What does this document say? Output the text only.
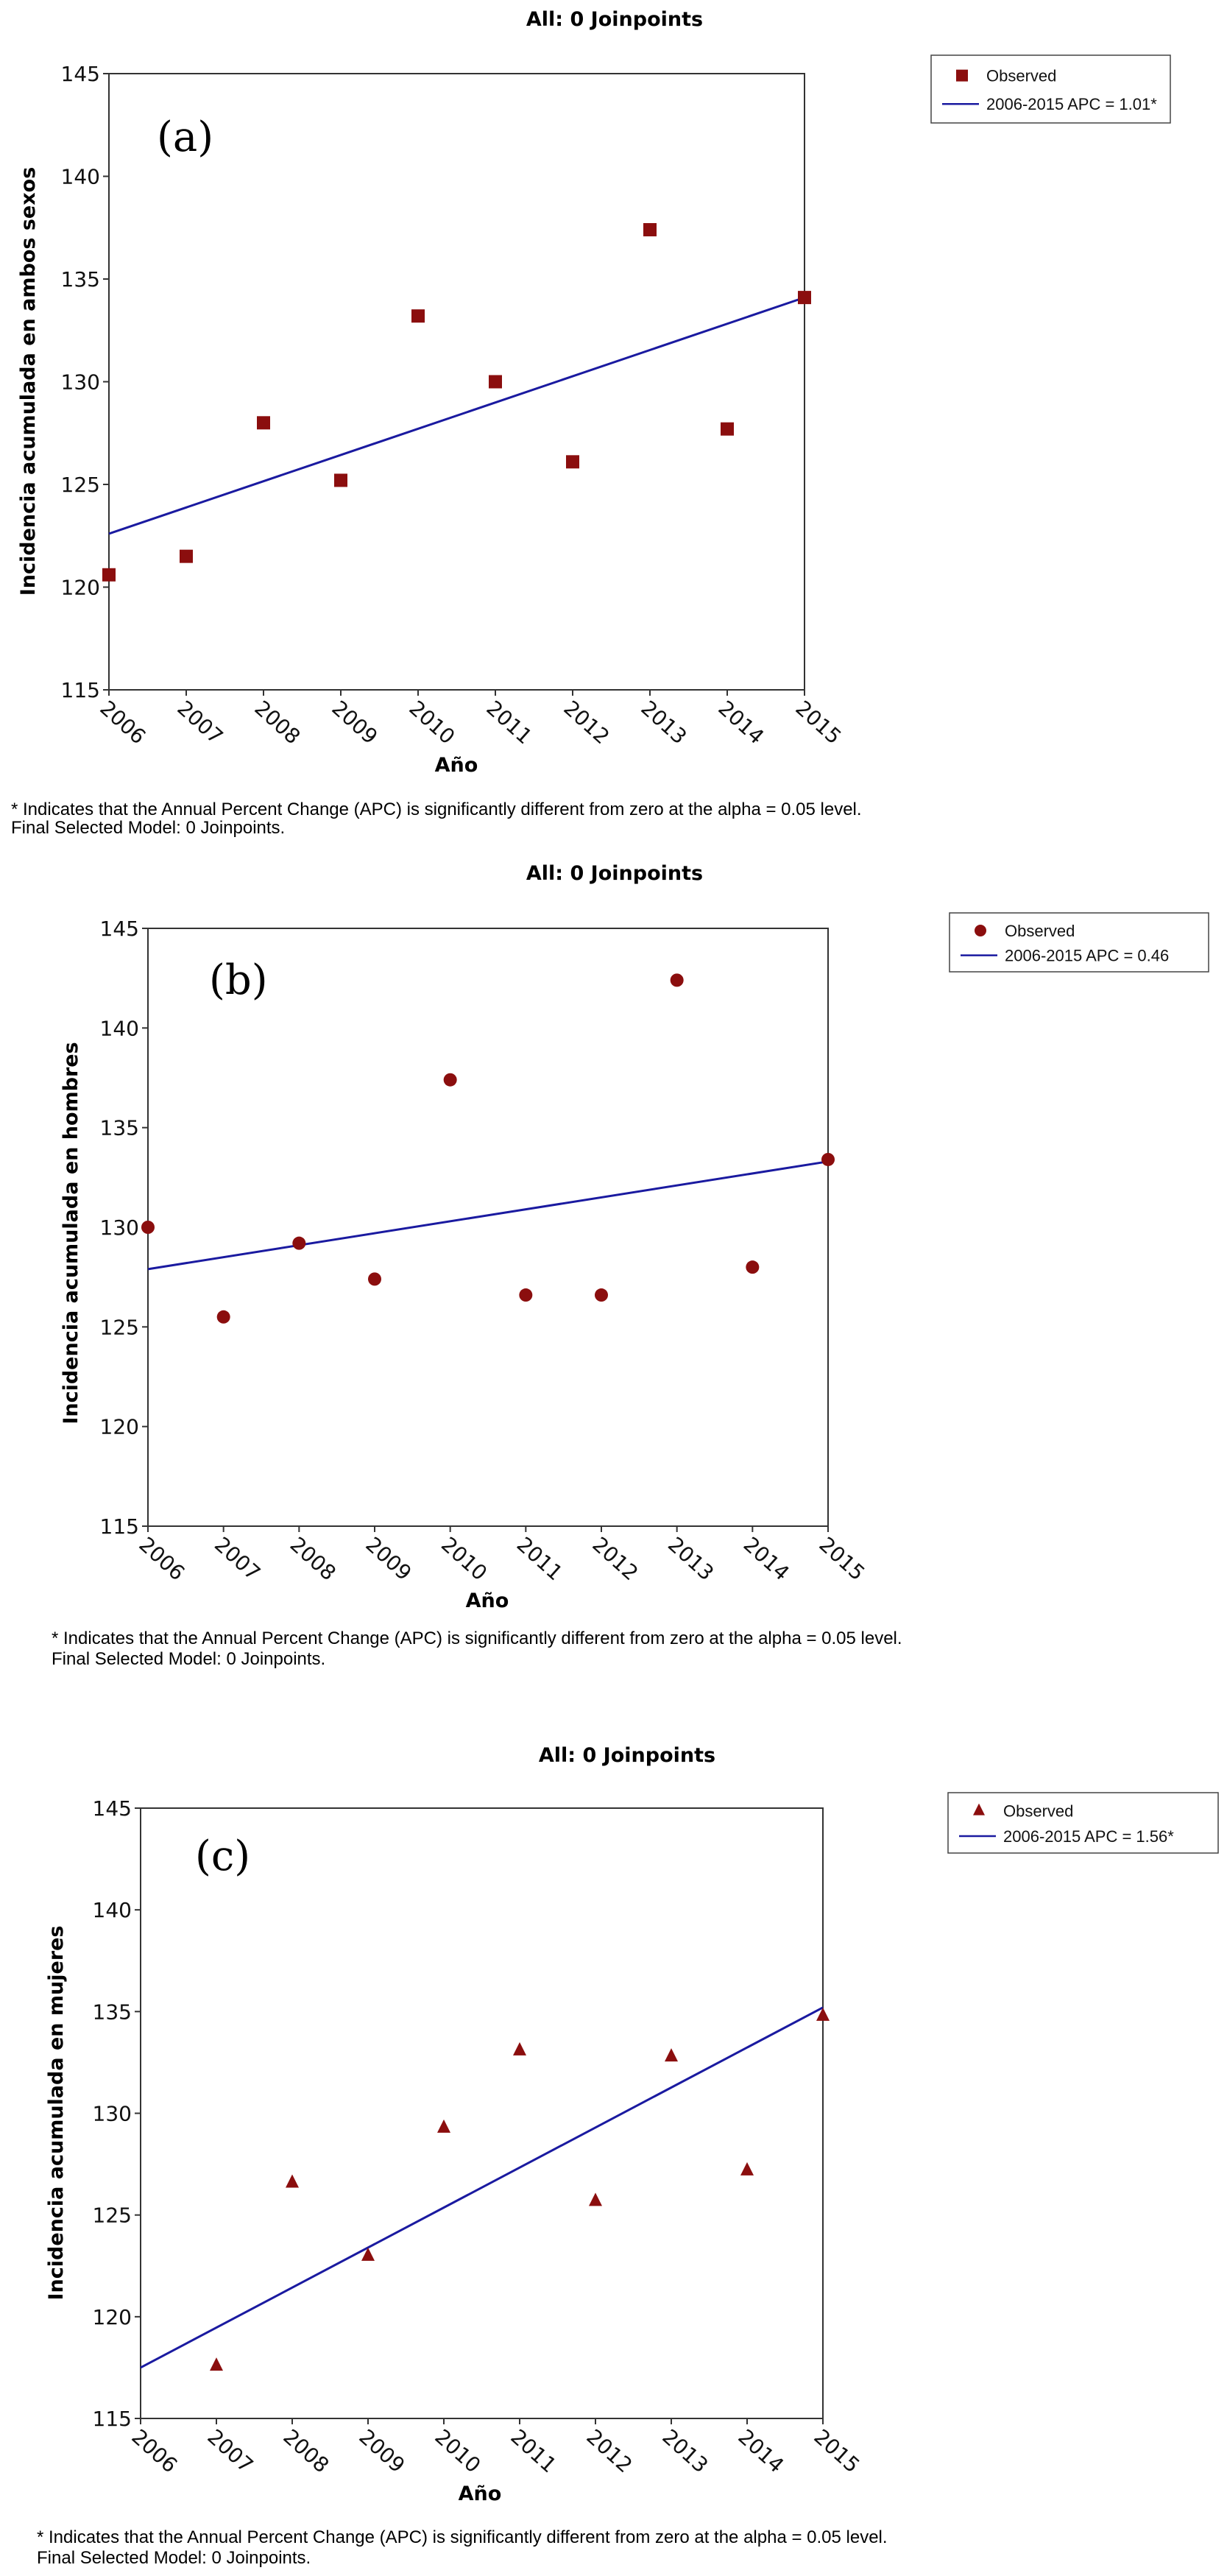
All: 0 Joinpoints
115
120
125
130
135
140
145
2006 2007 2008 2009 2010 2011 2012 2013 2014 2015
Año
Incidencia acumulada en ambos sexos
(a)
Observed
2006-2015 APC = 1.01*
* Indicates that the Annual Percent Change (APC) is significantly different from zero at the alpha = 0.05 level.
Final Selected Model: 0 Joinpoints.
All: 0 Joinpoints
115
120
125
130
135
140
145
2006 2007 2008 2009 2010 2011 2012 2013 2014 2015
Año
Incidencia acumulada en hombres
(b)
Observed
2006-2015 APC = 0.46
* Indicates that the Annual Percent Change (APC) is significantly different from zero at the alpha = 0.05 level.
Final Selected Model: 0 Joinpoints.
All: 0 Joinpoints
115
120
125
130
135
140
145
2006 2007 2008 2009 2010 2011 2012 2013 2014 2015
Año
Incidencia acumulada en mujeres
(c)
Observed
2006-2015 APC = 1.56*
* Indicates that the Annual Percent Change (APC) is significantly different from zero at the alpha = 0.05 level.
Final Selected Model: 0 Joinpoints.
